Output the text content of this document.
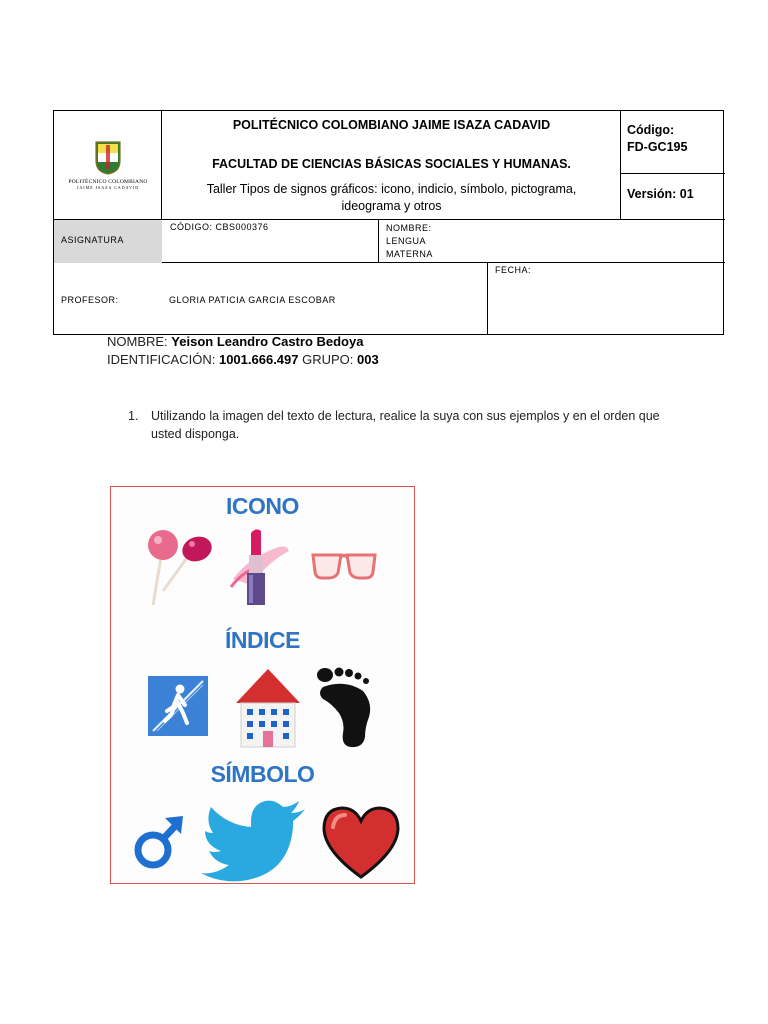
POLITÉCNICO COLOMBIANO
JAIME ISAZA CADAVID
POLITÉCNICO COLOMBIANO JAIME ISAZA CADAVID
FACULTAD DE CIENCIAS BÁSICAS SOCIALES Y HUMANAS.
Taller Tipos de signos gráficos: icono, indicio, símbolo, pictograma, ideograma y otros
Código:
FD-GC195
Versión: 01
ASIGNATURA
CÓDIGO: CBS000376	NOMBRE:
LENGUA
MATERNA
PROFESOR:	GLORIA PATICIA GARCIA ESCOBAR
FECHA:
NOMBRE: Yeison Leandro Castro Bedoya
IDENTIFICACIÓN: 1001.666.497 GRUPO: 003
1. Utilizando la imagen del texto de lectura, realice la suya con sus ejemplos y en el orden que usted disponga.
ICONO
ÍNDICE
SÍMBOLO
